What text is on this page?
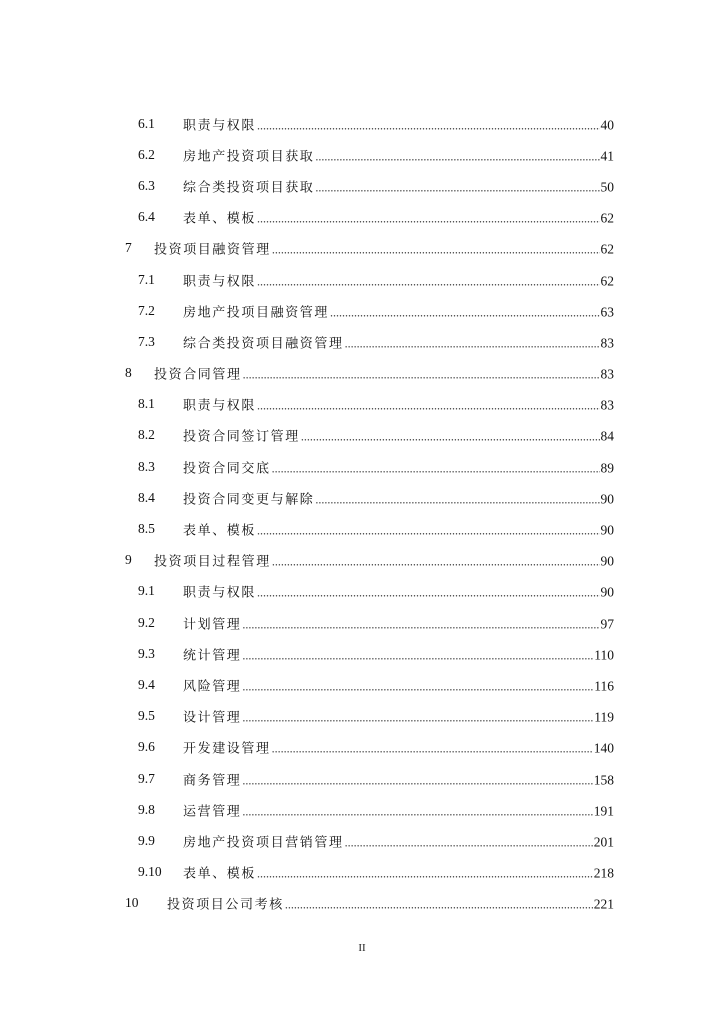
6.1 职责与权限 .....	40
6.2 房地产投资项目获取 .....	41
6.3 综合类投资项目获取 .....	50
6.4 表单、模板 .....	62
7 投资项目融资管理 .....	62
7.1 职责与权限 .....	62
7.2 房地产投项目融资管理 .....	63
7.3 综合类投资项目融资管理 .....	83
8 投资合同管理 .....	83
8.1 职责与权限 .....	83
8.2 投资合同签订管理 .....	84
8.3 投资合同交底 .....	89
8.4 投资合同变更与解除 .....	90
8.5 表单、模板 .....	90
9 投资项目过程管理 .....	90
9.1 职责与权限 .....	90
9.2 计划管理 .....	97
9.3 统计管理 .....	110
9.4 风险管理 .....	116
9.5 设计管理 .....	119
9.6 开发建设管理 .....	140
9.7 商务管理 .....	158
9.8 运营管理 .....	191
9.9 房地产投资项目营销管理 .....	201
9.10 表单、模板 .....	218
10 投资项目公司考核 .....	221
II
